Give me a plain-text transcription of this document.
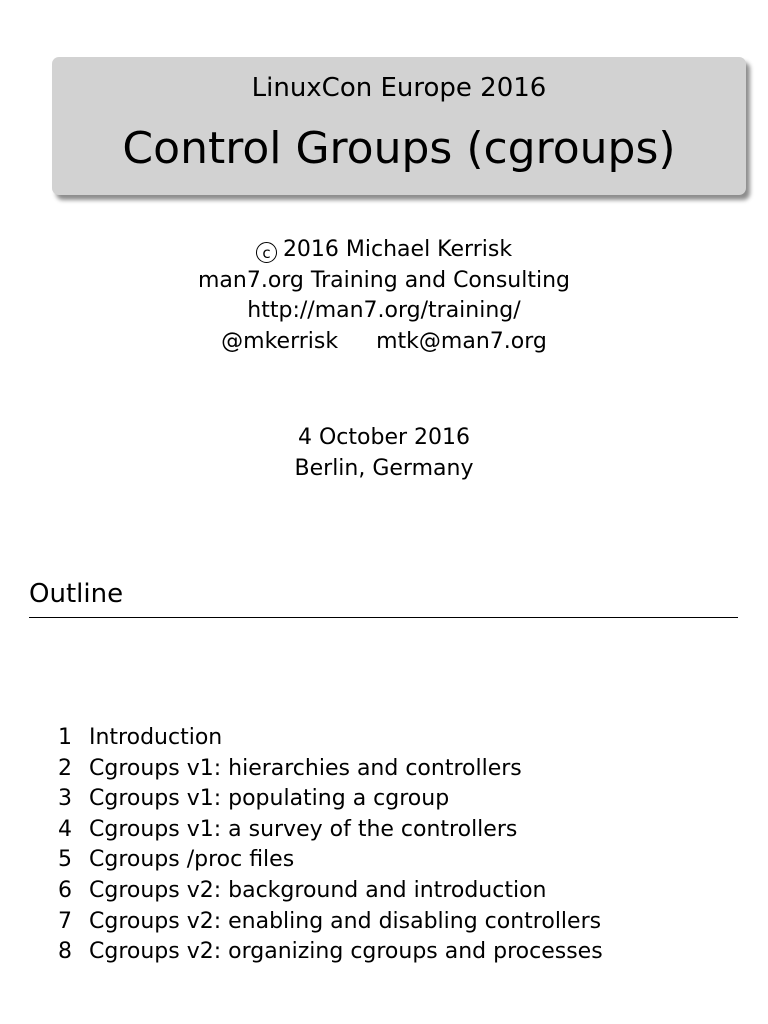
LinuxCon Europe 2016
Control Groups (cgroups)
c 2016 Michael Kerrisk
man7.org Training and Consulting
http://man7.org/training/
@mkerrisk mtk@man7.org
4 October 2016
Berlin, Germany
Outline
1 Introduction
2 Cgroups v1: hierarchies and controllers
3 Cgroups v1: populating a cgroup
4 Cgroups v1: a survey of the controllers
5 Cgroups /proc files
6 Cgroups v2: background and introduction
7 Cgroups v2: enabling and disabling controllers
8 Cgroups v2: organizing cgroups and processes
